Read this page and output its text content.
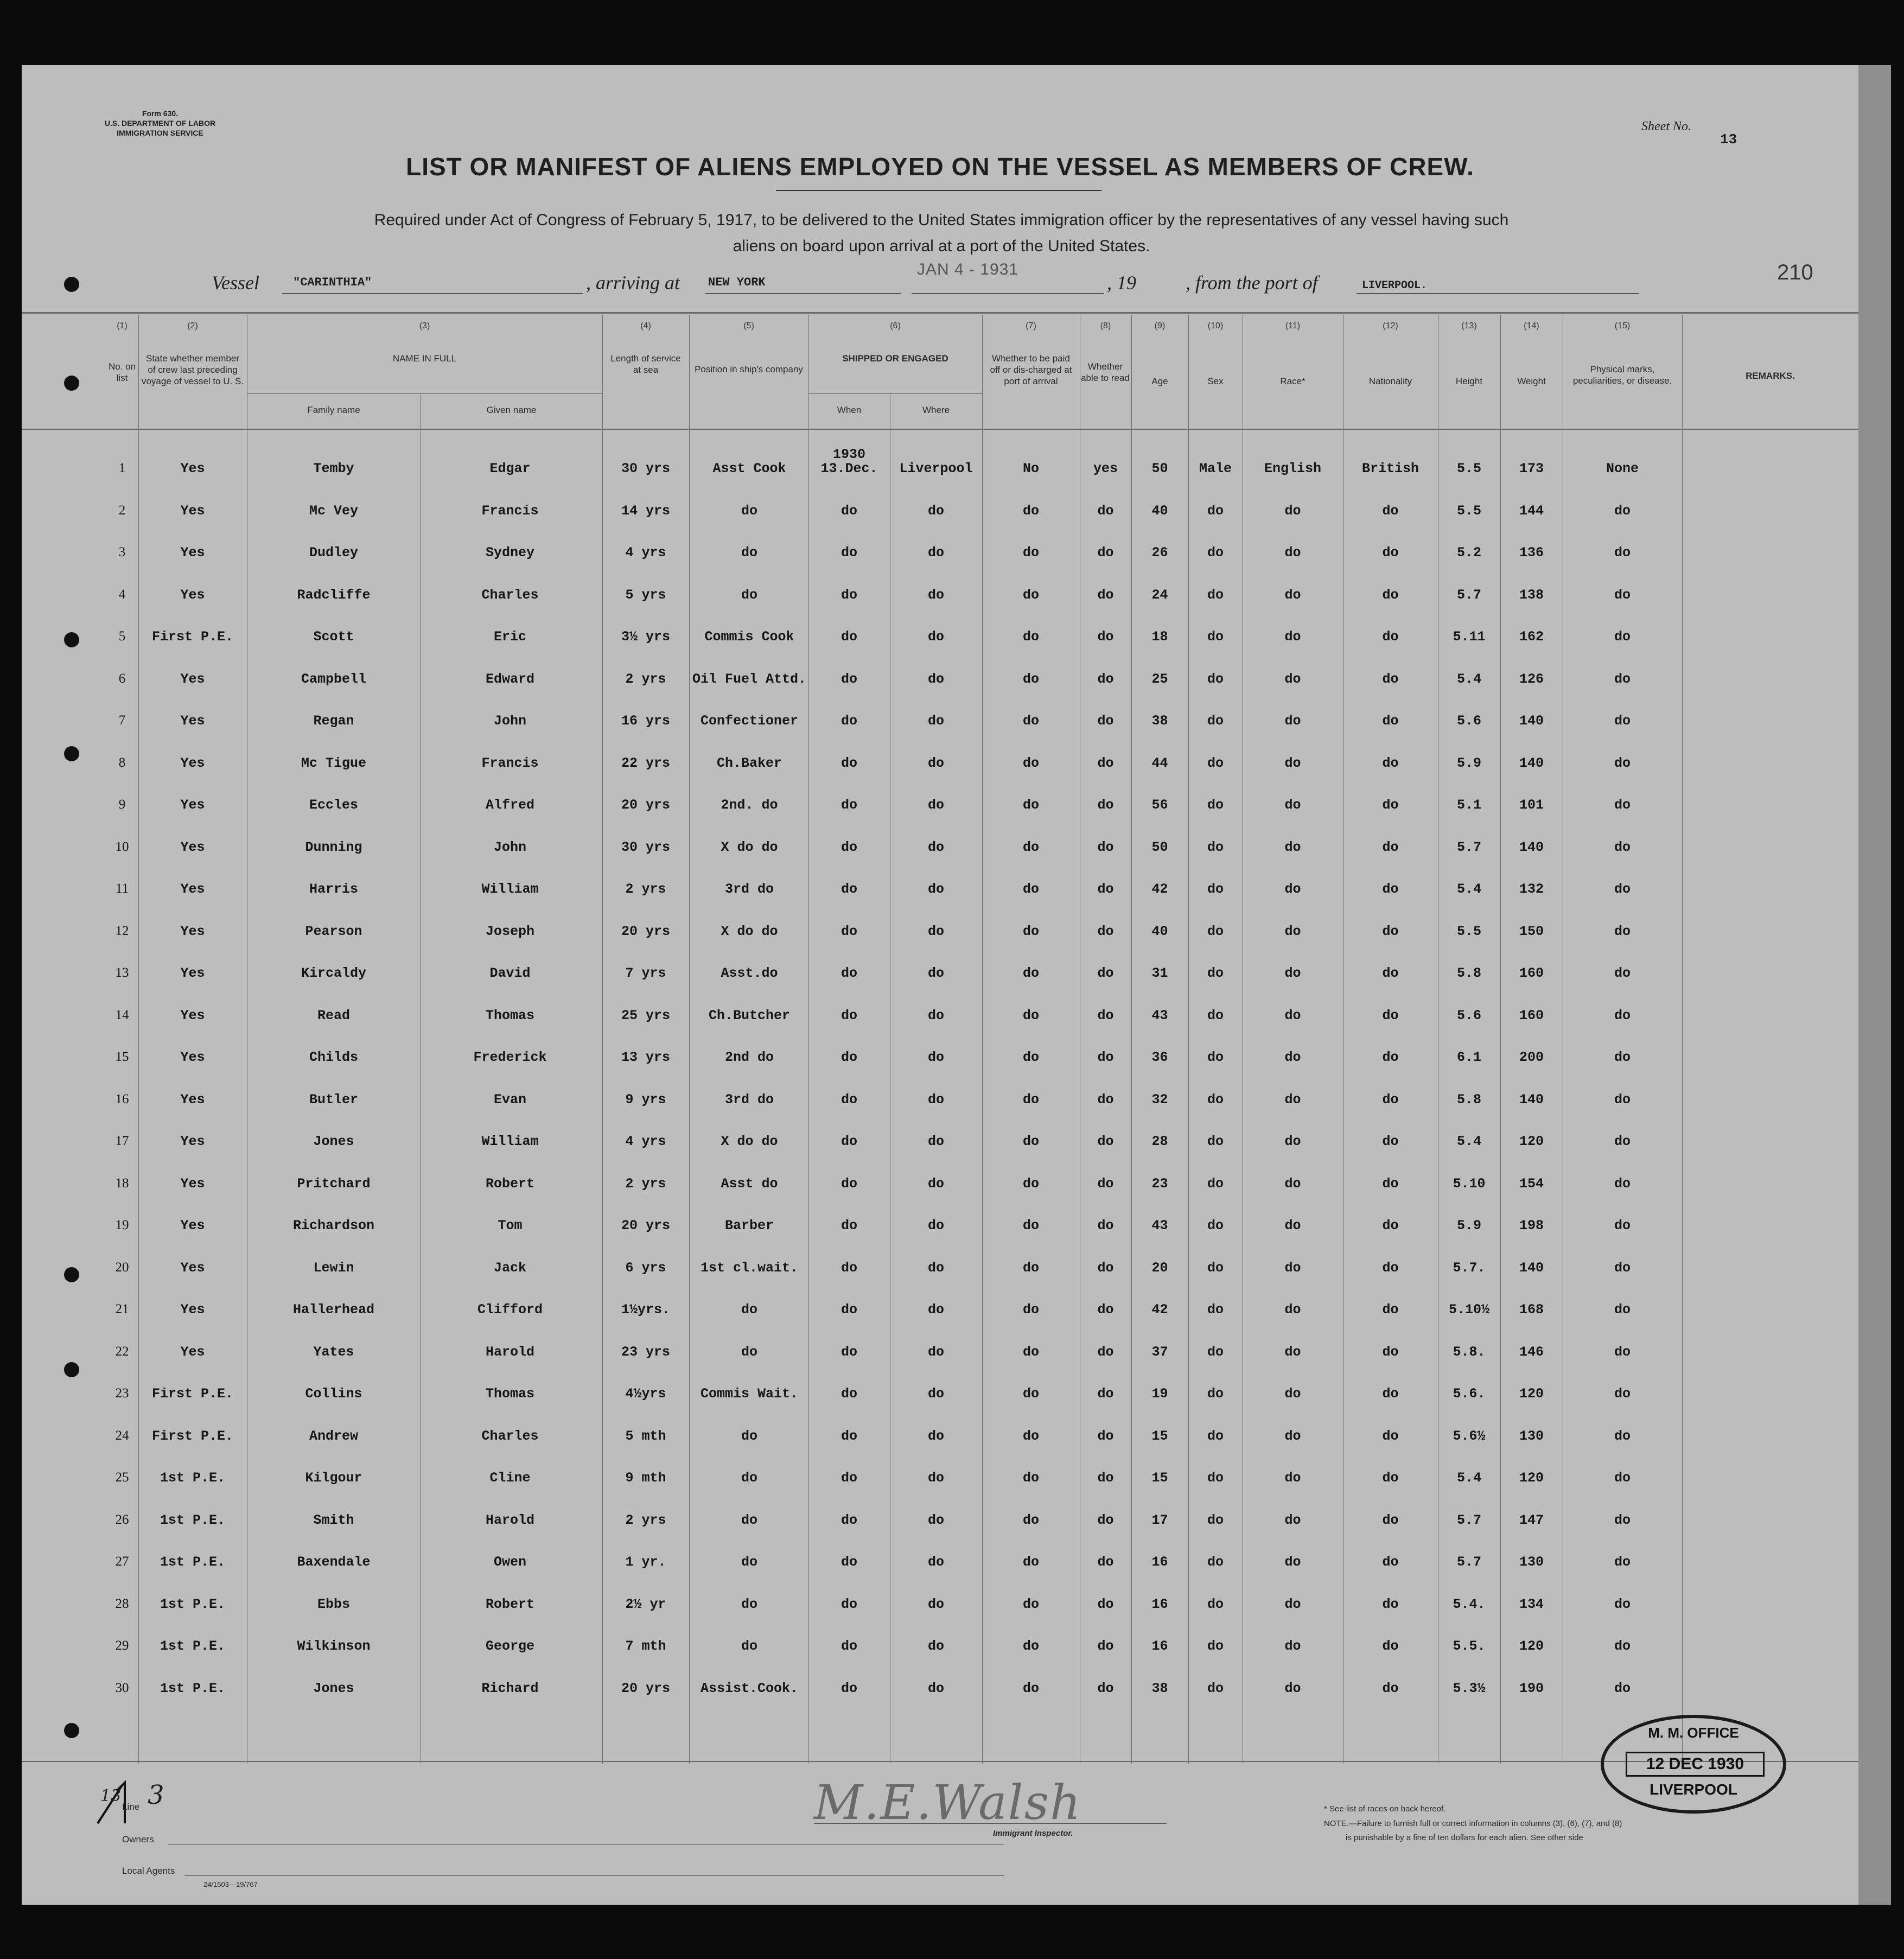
Form 630.
U.S. DEPARTMENT OF LABOR
IMMIGRATION SERVICE	Sheet No.
13
LIST OR MANIFEST OF ALIENS EMPLOYED ON THE VESSEL AS MEMBERS OF CREW.
Required under Act of Congress of February 5, 1917, to be delivered to the United States immigration officer by the representatives of any vessel having such
aliens on board upon arrival at a port of the United States.
Vessel	"CARINTHIA"	, arriving at NEW YORK
JAN 4 - 1931
, 19	, from the port of	LIVERPOOL.
210
(1)	(2)	(3)	(4)	(5)	(6)	(7)	(8)	(9)	(10)	(11)	(12)	(13)	(14)	(15)
No. on list
State whether member of crew last preceding voyage of vessel to U. S.
NAME IN FULL
Family name	Given name
Length of service at sea	Position in ship's company
SHIPPED OR ENGAGED
When	Where
Whether to be paid off or dis-charged at port of arrival
Whether able to read	Age	Sex	Race*	Nationality	Height	Weight
Physical marks, peculiarities, or disease.	REMARKS.
1	Yes	Temby	Edgar	30 yrs	Asst Cook	13.Dec.	Liverpool	No	yes	50	Male	English	British	5.5	173	None
1930
2	Yes	Mc Vey	Francis	14 yrs	do	do	do	do	do	40	do	do	do	5.5	144	do
3	Yes	Dudley	Sydney	4 yrs	do	do	do	do	do	26	do	do	do	5.2	136	do
4	Yes	Radcliffe	Charles	5 yrs	do	do	do	do	do	24	do	do	do	5.7	138	do
5	First P.E.	Scott	Eric	3½ yrs	Commis Cook	do	do	do	do	18	do	do	do	5.11	162	do
6	Yes	Campbell	Edward	2 yrs	Oil Fuel Attd.	do	do	do	do	25	do	do	do	5.4	126	do
7	Yes	Regan	John	16 yrs	Confectioner	do	do	do	do	38	do	do	do	5.6	140	do
8	Yes	Mc Tigue	Francis	22 yrs	Ch.Baker	do	do	do	do	44	do	do	do	5.9	140	do
9	Yes	Eccles	Alfred	20 yrs	2nd. do	do	do	do	do	56	do	do	do	5.1	101	do
10	Yes	Dunning	John	30 yrs	X do do	do	do	do	do	50	do	do	do	5.7	140	do
11	Yes	Harris	William	2 yrs	3rd do	do	do	do	do	42	do	do	do	5.4	132	do
12	Yes	Pearson	Joseph	20 yrs	X do do	do	do	do	do	40	do	do	do	5.5	150	do
13	Yes	Kircaldy	David	7 yrs	Asst.do	do	do	do	do	31	do	do	do	5.8	160	do
14	Yes	Read	Thomas	25 yrs	Ch.Butcher	do	do	do	do	43	do	do	do	5.6	160	do
15	Yes	Childs	Frederick	13 yrs	2nd do	do	do	do	do	36	do	do	do	6.1	200	do
16	Yes	Butler	Evan	9 yrs	3rd do	do	do	do	do	32	do	do	do	5.8	140	do
17	Yes	Jones	William	4 yrs	X do do	do	do	do	do	28	do	do	do	5.4	120	do
18	Yes	Pritchard	Robert	2 yrs	Asst do	do	do	do	do	23	do	do	do	5.10	154	do
19	Yes	Richardson	Tom	20 yrs	Barber	do	do	do	do	43	do	do	do	5.9	198	do
20	Yes	Lewin	Jack	6 yrs	1st cl.wait.	do	do	do	do	20	do	do	do	5.7.	140	do
21	Yes	Hallerhead	Clifford	1½yrs.	do	do	do	do	do	42	do	do	do	5.10½	168	do
22	Yes	Yates	Harold	23 yrs	do	do	do	do	do	37	do	do	do	5.8.	146	do
23	First P.E.	Collins	Thomas	4½yrs	Commis Wait.	do	do	do	do	19	do	do	do	5.6.	120	do
24	First P.E.	Andrew	Charles	5 mth	do	do	do	do	do	15	do	do	do	5.6½	130	do
25	1st P.E.	Kilgour	Cline	9 mth	do	do	do	do	do	15	do	do	do	5.4	120	do
26	1st P.E.	Smith	Harold	2 yrs	do	do	do	do	do	17	do	do	do	5.7	147	do
27	1st P.E.	Baxendale	Owen	1 yr.	do	do	do	do	do	16	do	do	do	5.7	130	do
28	1st P.E.	Ebbs	Robert	2½ yr	do	do	do	do	do	16	do	do	do	5.4.	134	do
29	1st P.E.	Wilkinson	George	7 mth	do	do	do	do	do	16	do	do	do	5.5.	120	do
30	1st P.E.	Jones	Richard	20 yrs	Assist.Cook.	do	do	do	do	38	do	do	do	5.3½	190	do
Line 3
13
Owners
Local Agents
24/1503—19/767
M.E.Walsh
Immigrant Inspector.
* See list of races on back hereof.
NOTE.—Failure to furnish full or correct information in columns (3), (6), (7), and (8)
is punishable by a fine of ten dollars for each alien. See other side
M. M. OFFICE
12 DEC 1930
LIVERPOOL
